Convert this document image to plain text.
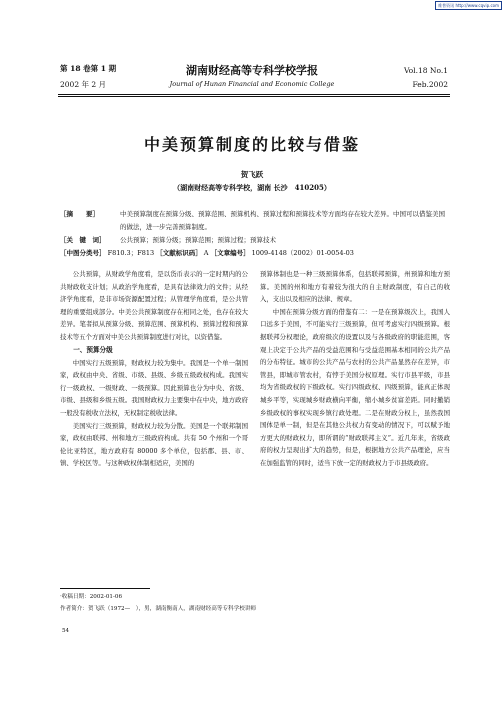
维普资讯 http://www.cqvip.com
第 18 卷第 1 期
2002 年 2 月
湖南财经高等专科学校学报
Journal of Hunan Financial and Economic College
Vol.18 No.1
Feb.2002
中美预算制度的比较与借鉴
贺飞跃
（湖南财经高等专科学校，湖南 长沙　410205）
［摘　　要］	中美预算制度在预算分级、预算范围、预算机构、预算过程和预算技术等方面均存在较大差异。中国可以借鉴美国的做法，进一步完善预算制度。
［关　键　词］	公共预算；预算分级；预算范围；预算过程；预算技术
［中图分类号］ F810.3；F813 ［文献标识码］ A ［文章编号］ 1009-4148（2002）01-0054-03

公共预算，从财政学角度看，是以货币表示的一定时期内的公共财政收支计划；从政治学角度看，是具有法律效力的文件；从经济学角度看，是非市场资源配置过程；从管理学角度看，是公共管理的重要组成部分。中美公共预算制度存在相同之处，也存在较大差异。笔者拟从预算分级、预算范围、预算机构、预算过程和预算技术等五个方面对中美公共预算制度进行对比，以资借鉴。

一、预算分级

中国实行五级预算，财政权力较为集中。我国是一个单一制国家，政权由中央、省级、市级、县级、乡级五级政权构成。我国实行一级政权、一级财政、一级预算。因此预算也分为中央、省级、市级、县级和乡级五级。我国财政权力主要集中在中央，地方政府一般没有税收立法权，无权制定税收法律。

美国实行三级预算，财政权力较为分散。美国是一个联邦制国家，政权由联邦、州和地方三级政府构成。共有 50 个州和一个哥伦比亚特区，地方政府有 80000 多个单位，包括郡、县、市、镇、学校区等。与这种政权体制相适应，美国的

预算体制也是一种三级预算体系，包括联邦预算，州预算和地方预算。美国的州和地方有着较为很大的自主财政制度，有自己的收入，支出以及相应的法律、规章。

中国在预算分级方面的借鉴有二：一是在预算级次上，我国人口远多于美国，不可能实行三级预算，但可考虑实行四级预算。根据联邦分权理论，政府级次的设置以及与各级政府的职能范围，客观上决定于公共产品的受益范围和与受益范围基本相同的公共产品的分布特征。城市的公共产品与农村的公共产品显然存在差异，市管县，即城市管农村，有悖于美国分权原理。实行市县平级，市县均为省级政权的下级政权。实行四级政权、四级预算，能真正体现城乡平等，实现城乡财政横向平衡，缩小城乡贫富差距。同时撤销乡级政权的事权实现乡镇行政处理。二是在财政分权上，虽然我国国体是单一制，但是在其他公共权力有变动的情况下，可以赋予地方更大的财政权力，即所谓的“财政联邦主义”。近几年来，省级政府的权力呈现出扩大的趋势，但是，根据地方公共产品理论，应当在加强监管的同时，适当下放一定的财政权力于市县级政府。

·收稿日期：2002-01-06
作者简介：贺飞跃（1972—　），男，湖南衡南人，湖南财经高等专科学校讲师
54
